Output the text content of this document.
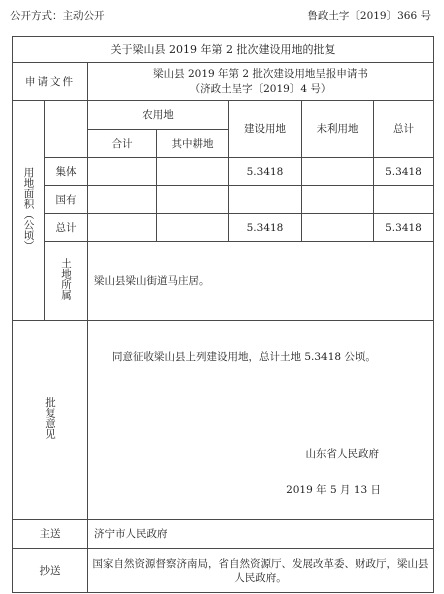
公开方式：主动公开	鲁政土字〔2019〕366 号
关于梁山县 2019 年第 2 批次建设用地的批复						
申请文件		梁山县 2019 年第 2 批次建设用地呈报申请书
（济政土呈字〔2019〕4 号）				

用地面积（公顷）		农用地		建设用地	未利用地	总计
		合计	其中耕地			
	集体			5.3418		5.3418
	国有					
	总计			5.3418		5.3418
	土地所属	梁山县梁山街道马庄居。				
批复意见		同意征收梁山县上列建设用地，总计土地 5.3418 公顷。
山东省人民政府
2019 年 5 月 13 日				

主送		济宁市人民政府				
抄送		国家自然资源督察济南局，省自然资源厅、发展改革委、财政厅，梁山县人民政府。				
